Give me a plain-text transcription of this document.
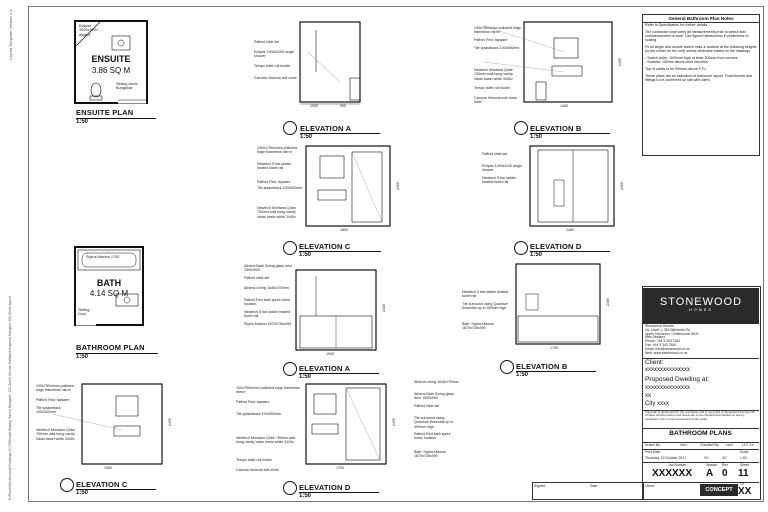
Layout Template Version 1.4
K:\Plans\Architectural Drawings 2017\Stewart Bayley, Sarnia Margaret, 123 Street (Crown Halifax)\Hersperia Mangere 123 Street layout
Eclipse 1000x1000 angled
ENSUITE
3.86 SQ M
Sliding doors Bungalow
ENSUITE PLAN
1:50
Stylus Maxton 1700
BATH
4.14 SQ M
Sliding Door
BATHROOM PLAN
1:50
Paffoni slide set
Eclipse 1000x1000 angle shower
Tempo toilet roll holder
Caroma Venecia soft close
1000	900
ELEVATION A
1:50
100x750x4mm polished edge frameless mirror
Paffoni Red: tapware
Tile splashback 100x300mm
Newtech Montana Qube 750mm wall-hung vanity Vasto basin white 3440v
Tempo toilet roll holder
Caroma Venecia soft close toilet
1460
2400
ELEVATION B
1:50
1000x750x4mm polished edge frameless mirror
Newtech 5 bar ladder heated towel rail
Paffoni Red: tapware
Tile splashback 100x300mm
Newtech Montana Qube 750mm wall hung vanity Vasto basin white 3440v
1800
2400
ELEVATION C
1:50
Paffoni slide set
Eclipse 1000x1000 angle shower
Newtech 5 bar ladder heated towel rail
1460
2400
ELEVATION D
1:50
Athena Bath Swing glass door 1500x900
Paffoni slide set
Athena Lining 1645x700mm
Paffoni Red bath spout mixer location
Newtech 5 bar ladder heated towel rail
Stylus Maxton 1670x735x490
1900
2400
ELEVATION A
1:50
Newtech 5 bar ladder heated towel rail
Tile surround using Quantum Essential up to 450mm high
Bath: Stylus Maxton 1670x735x490
1700
2400
ELEVATION B
1:50
100x750x4mm polished edge frameless mirror
Paffoni Red: tapware
Tile splashback 100x300mm
Newtech Montana Qube 750mm wall-hung vanity Vasto basin white 3440v
1900
2400
ELEVATION C
1:50
100x750x4mm polished edge frameless mirror
Paffoni Red: tapware
Tile splashback 100x300mm
Newtech Montana Qube 750mm wall-hung vanity Vasto basin white 3440v
Tempo toilet roll holder
Caroma Venecia soft close
Athena Lining 1645x700mm
Athena Bath Swing glass door 1500x900
Paffoni slide set
Tile surround using Quantum Essential up to 450mm high
Paffoni Red bath spout mixer location
Bath: Stylus Maxton 1670x735x490
1700
2400
ELEVATION D
1:50
General Bathroom Plan Notes

Refer to Specification for further details.

The contractor shall verify all measurements prior to setout and commencement of work. Use figured dimensions in preference to scaling.

Fit all single and double switch units & sockets at the following heights (to the center on the unit) unless otherwise stated on the drawings.

- Switch Units: 1000mm high at least 300mm from corners.

- Sockets: 150mm above work benches

Top of vanity to be 900mm above F.F.L.

These plans are an indication of bathroom layout. Final fixtures and fittings to be confirmed on site with client.

STONEWOOD
HOMES
Stonewood Homes
1A, Level 1, 353 Blenheim Rd
Upper Riccarton, Christchurch 8041
New Zealand
Phone: +64 3 343 7841
Fax: +64 3 343 7840
Email: info@stonewood.co.nz
Web: www.stonewood.co.nz
Client:
xxxxxxxxxxxxxxx
Proposed Dwelling at:
xxxxxxxxxxxxxxx
xx
City xxxx
This plan is developed for the purchaser and is copyright to Stonewood Homes NZ Limited. All dimensions and levels are to be checked and verified on site by contractor prior to commencement of any work.
BATHROOM PLANS
Drawn By:	xxxx	Checked By: xxxx	LOT # x
Print Date:
Thursday, 19 October 2017	XX	XX
Scale
1:50
Job Number	Version Rev	Sheet
XXXXXX A 0 11
CONCEPT
Of
XX
Signed:	Date:	Client:
